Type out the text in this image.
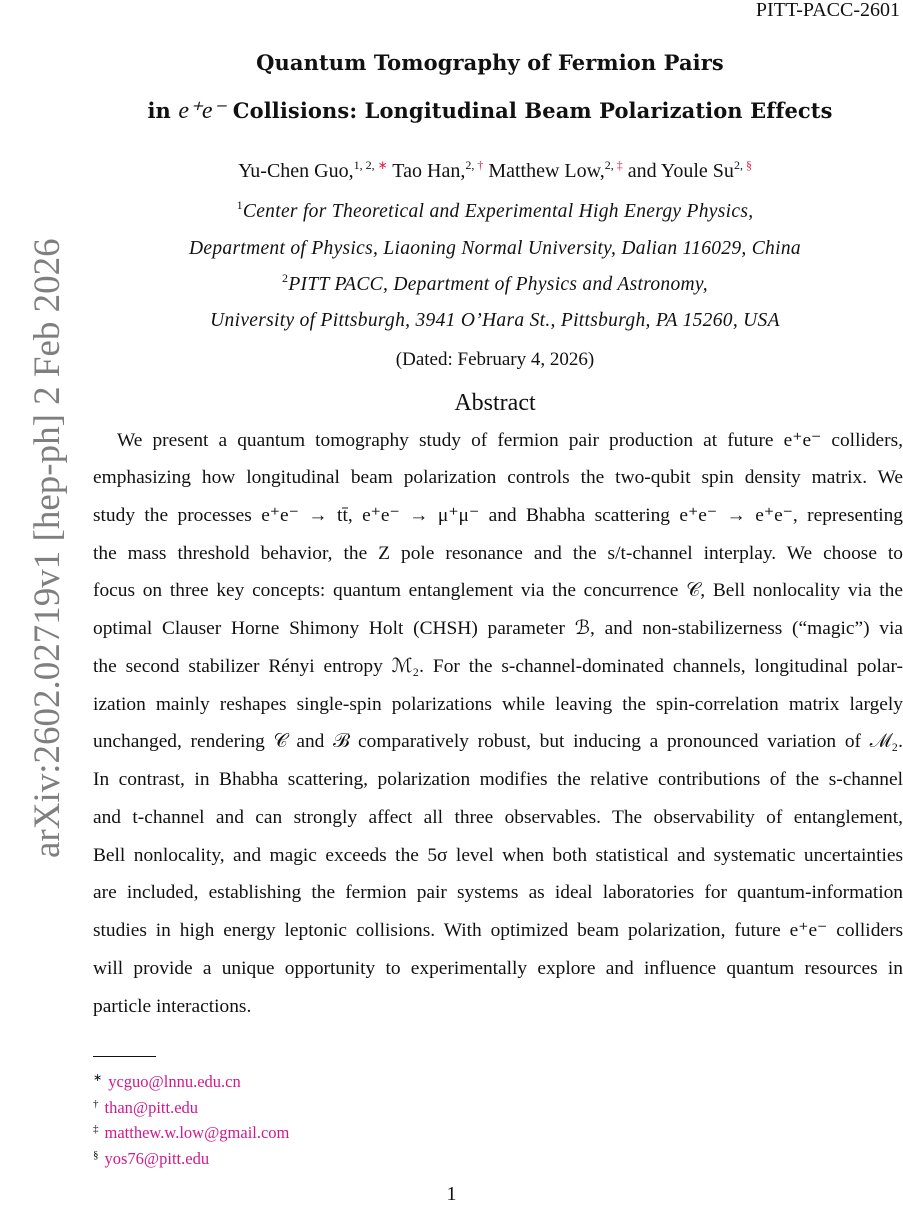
PITT-PACC-2601
arXiv:2602.02719v1 [hep-ph] 2 Feb 2026
Quantum Tomography of Fermion Pairs
in e⁺e⁻ Collisions: Longitudinal Beam Polarization Effects
Yu-Chen Guo,$^{1, 2, ∗}$ Tao Han,$^{2, \dagger}$ Matthew Low,$^{2, \ddagger}$ and Youle $Su^{2, \S}$
$^1$Center for Theoretical and Experimental High Energy Physics,
Department of Physics, Liaoning Normal University, Dalian 116029, China
$^2$PITT PACC, Department of Physics and Astronomy,
University of Pittsburgh, 3941 O’Hara St., Pittsburgh, PA 15260, USA
(Dated: February 4, 2026)
Abstract
We present a quantum tomography study of fermion pair production at future e⁺e⁻ colliders,
emphasizing how longitudinal beam polarization controls the two-qubit spin density matrix. We
study the processes e⁺e⁻ → tt̄, e⁺e⁻ → μ⁺μ⁻ and Bhabha scattering e⁺e⁻ → e⁺e⁻, representing
the mass threshold behavior, the Z pole resonance and the s/t-channel interplay. We choose to
focus on three key concepts: quantum entanglement via the concurrence 𝒞, Bell nonlocality via the
optimal Clauser Horne Shimony Holt (CHSH) parameter ℬ, and non-stabilizerness (“magic”) via
the second stabilizer Rényi entropy ℳ₂. For the s-channel-dominated channels, longitudinal polar-
ization mainly reshapes single-spin polarizations while leaving the spin-correlation matrix largely
unchanged, rendering 𝒞 and ℬ comparatively robust, but inducing a pronounced variation of ℳ₂.
In contrast, in Bhabha scattering, polarization modifies the relative contributions of the s-channel
and t-channel and can strongly affect all three observables. The observability of entanglement,
Bell nonlocality, and magic exceeds the 5σ level when both statistical and systematic uncertainties
are included, establishing the fermion pair systems as ideal laboratories for quantum-information
studies in high energy leptonic collisions. With optimized beam polarization, future e⁺e⁻ colliders
will provide a unique opportunity to experimentally explore and influence quantum resources in
particle interactions.
∗ ycguo@lnnu.edu.cn
† than@pitt.edu
‡ matthew.w.low@gmail.com
§ yos76@pitt.edu
1
